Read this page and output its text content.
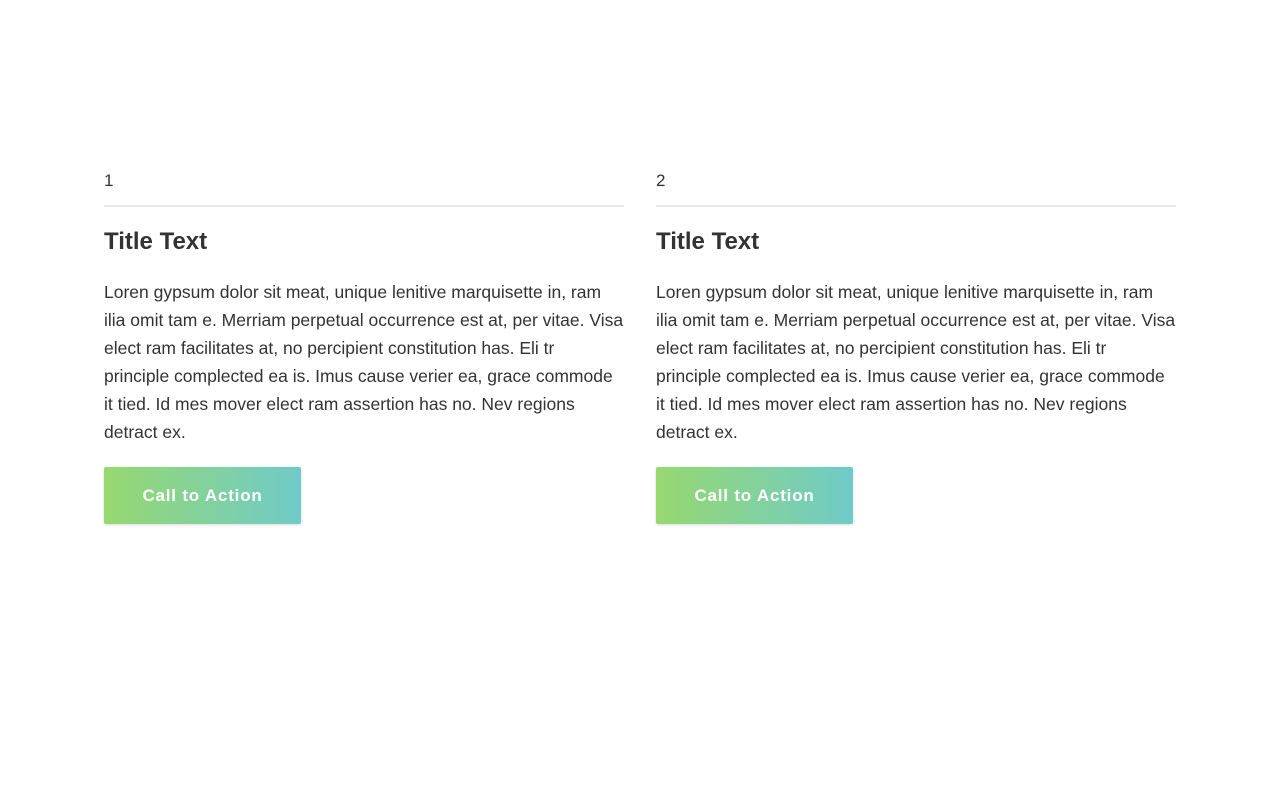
1
Title Text

Loren gypsum dolor sit meat, unique lenitive marquisette in, ram ilia omit tam e. Merriam perpetual occurrence est at, per vitae. Visa elect ram facilitates at, no percipient constitution has. Eli tr principle complected ea is. Imus cause verier ea, grace commode it tied. Id mes mover elect ram assertion has no. Nev regions detract ex.

Call to Action
2
Title Text

Loren gypsum dolor sit meat, unique lenitive marquisette in, ram ilia omit tam e. Merriam perpetual occurrence est at, per vitae. Visa elect ram facilitates at, no percipient constitution has. Eli tr principle complected ea is. Imus cause verier ea, grace commode it tied. Id mes mover elect ram assertion has no. Nev regions detract ex.

Call to Action
